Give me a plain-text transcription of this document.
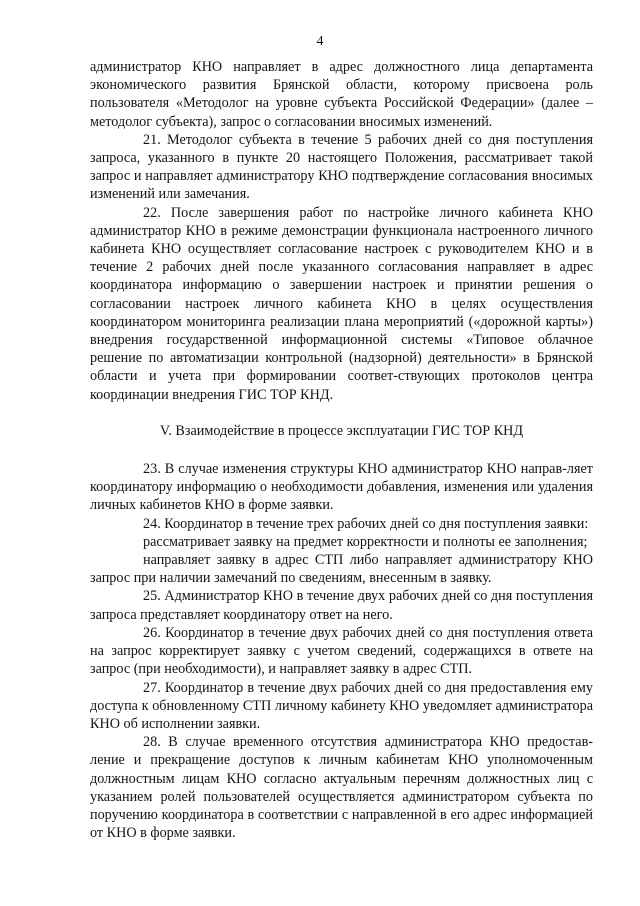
4

администратор КНО направляет в адрес должностного лица департамента экономического развития Брянской области, которому присвоена роль пользователя «Методолог на уровне субъекта Российской Федерации» (далее – методолог субъекта), запрос о согласовании вносимых изменений.

21. Методолог субъекта в течение 5 рабочих дней со дня поступления запроса, указанного в пункте 20 настоящего Положения, рассматривает такой запрос и направляет администратору КНО подтверждение согласования вносимых изменений или замечания.

22. После завершения работ по настройке личного кабинета КНО администратор КНО в режиме демонстрации функционала настроенного личного кабинета КНО осуществляет согласование настроек с руководителем КНО и в течение 2 рабочих дней после указанного согласования направляет в адрес координатора информацию о завершении настроек и принятии решения о согласовании настроек личного кабинета КНО в целях осуществления координатором мониторинга реализации плана мероприятий («дорожной карты») внедрения государственной информационной системы «Типовое облачное решение по автоматизации контрольной (надзорной) деятельности» в Брянской области и учета при формировании соответ-ствующих протоколов центра координации внедрения ГИС ТОР КНД.

V. Взаимодействие в процессе эксплуатации ГИС ТОР КНД

23. В случае изменения структуры КНО администратор КНО направ-ляет координатору информацию о необходимости добавления, изменения или удаления личных кабинетов КНО в форме заявки.

24. Координатор в течение трех рабочих дней со дня поступления заявки:

рассматривает заявку на предмет корректности и полноты ее заполнения;

направляет заявку в адрес СТП либо направляет администратору КНО запрос при наличии замечаний по сведениям, внесенным в заявку.

25. Администратор КНО в течение двух рабочих дней со дня поступления запроса представляет координатору ответ на него.

26. Координатор в течение двух рабочих дней со дня поступления ответа на запрос корректирует заявку с учетом сведений, содержащихся в ответе на запрос (при необходимости), и направляет заявку в адрес СТП.

27. Координатор в течение двух рабочих дней со дня предоставления ему доступа к обновленному СТП личному кабинету КНО уведомляет администратора КНО об исполнении заявки.

28. В случае временного отсутствия администратора КНО предостав-ление и прекращение доступов к личным кабинетам КНО уполномоченным должностным лицам КНО согласно актуальным перечням должностных лиц с указанием ролей пользователей осуществляется администратором субъекта по поручению координатора в соответствии с направленной в его адрес информацией от КНО в форме заявки.
